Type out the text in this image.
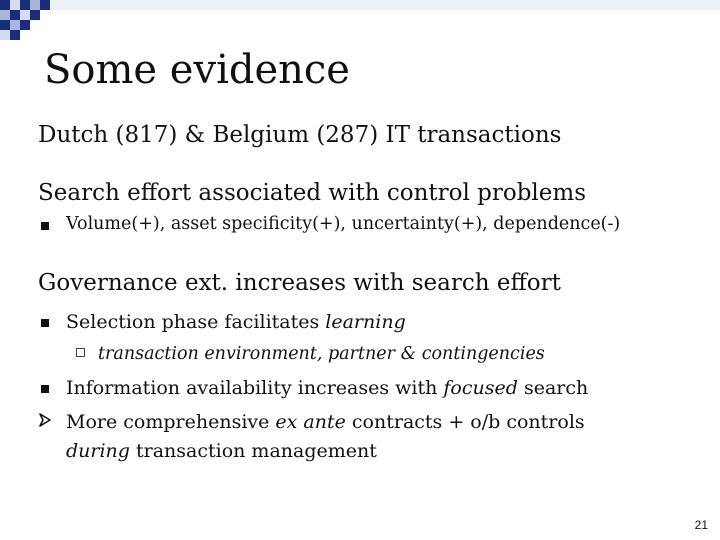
Some evidence
Dutch (817) & Belgium (287) IT transactions
Search effort associated with control problems
Volume(+), asset specificity(+), uncertainty(+), dependence(-)
Governance ext. increases with search effort
Selection phase facilitates learning
transaction environment, partner & contingencies
Information availability increases with focused search
More comprehensive ex ante contracts + o/b controls
during transaction management
21
